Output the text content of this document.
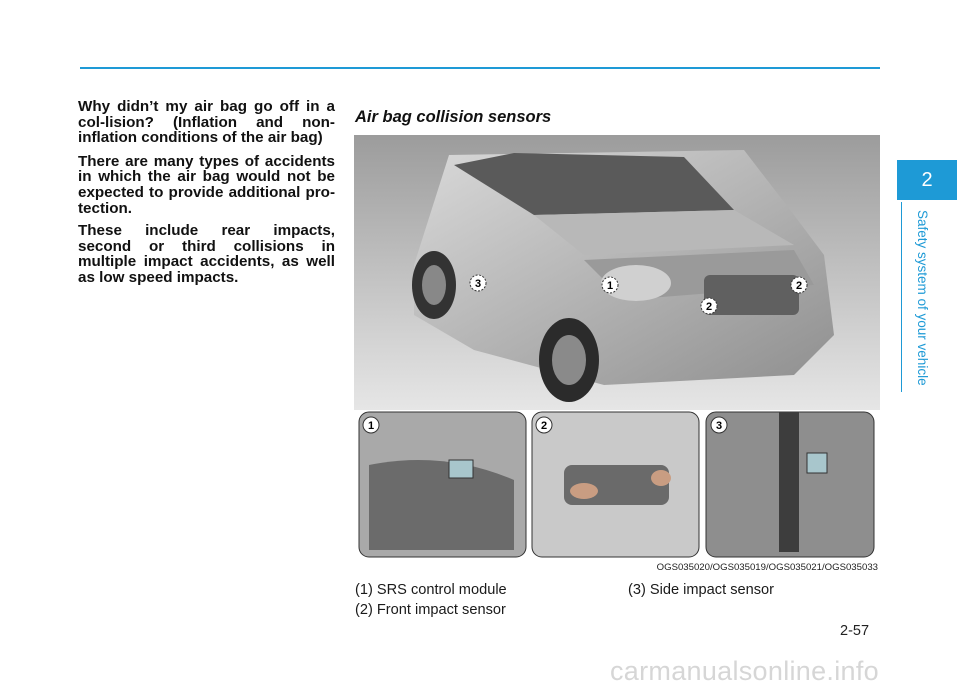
Why didn’t my air bag go off in a col-lision? (Inflation and non-inflation conditions of the air bag)

There are many types of accidents in which the air bag would not be expected to provide additional pro-tection.

These include rear impacts, second or third collisions in multiple impact accidents, as well as low speed impacts.

Air bag collision sensors
3	1	2
2
1	2	3
OGS035020/OGS035019/OGS035021/OGS035033
(1) SRS control module
(2) Front impact sensor
(3) Side impact sensor
2-57
2
Safety system of your vehicle
carmanualsonline.info
